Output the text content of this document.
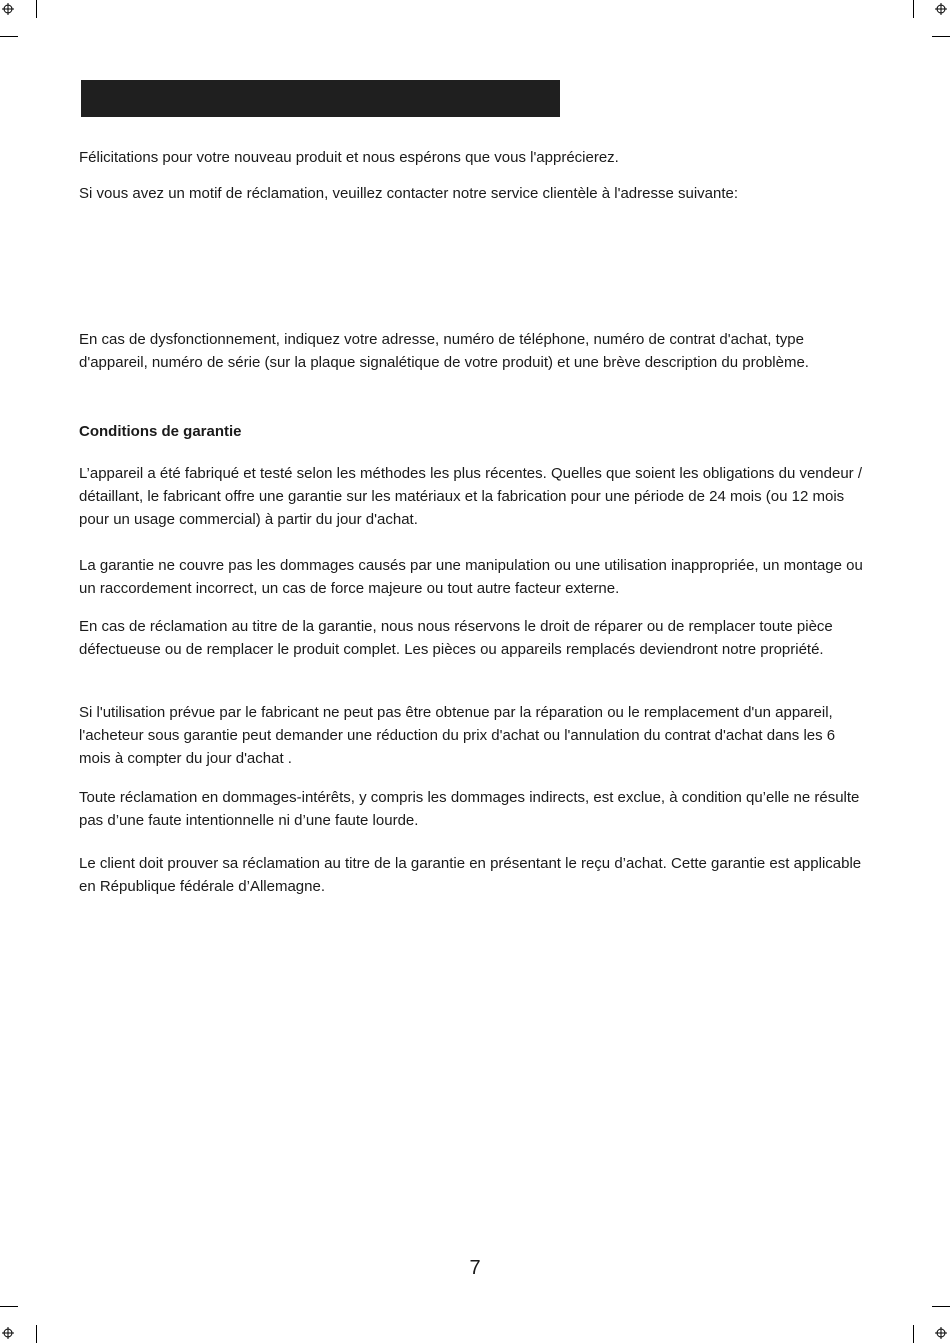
Félicitations pour votre nouveau produit et nous espérons que vous l'apprécierez.

Si vous avez un motif de réclamation, veuillez contacter notre service clientèle à l'adresse suivante:

En cas de dysfonctionnement, indiquez votre adresse, numéro de téléphone, numéro de contrat d'achat, type d'appareil, numéro de série (sur la plaque signalétique de votre produit) et une brève description du problème.

Conditions de garantie

L’appareil a été fabriqué et testé selon les méthodes les plus récentes. Quelles que soient les obligations du vendeur / détaillant, le fabricant offre une garantie sur les matériaux et la fabrication pour une période de 24 mois (ou 12 mois pour un usage commercial) à partir du jour d'achat.

La garantie ne couvre pas les dommages causés par une manipulation ou une utilisation inappropriée, un montage ou un raccordement incorrect, un cas de force majeure ou tout autre facteur externe.

En cas de réclamation au titre de la garantie, nous nous réservons le droit de réparer ou de remplacer toute pièce défectueuse ou de remplacer le produit complet. Les pièces ou appareils remplacés deviendront notre propriété.

Si l'utilisation prévue par le fabricant ne peut pas être obtenue par la réparation ou le remplacement d'un appareil, l'acheteur sous garantie peut demander une réduction du prix d'achat ou l'annulation du contrat d'achat dans les 6 mois à compter du jour d'achat .

Toute réclamation en dommages-intérêts, y compris les dommages indirects, est exclue, à condition qu’elle ne résulte pas d’une faute intentionnelle ni d’une faute lourde.

Le client doit prouver sa réclamation au titre de la garantie en présentant le reçu d’achat. Cette garantie est applicable en République fédérale d’Allemagne.

7
